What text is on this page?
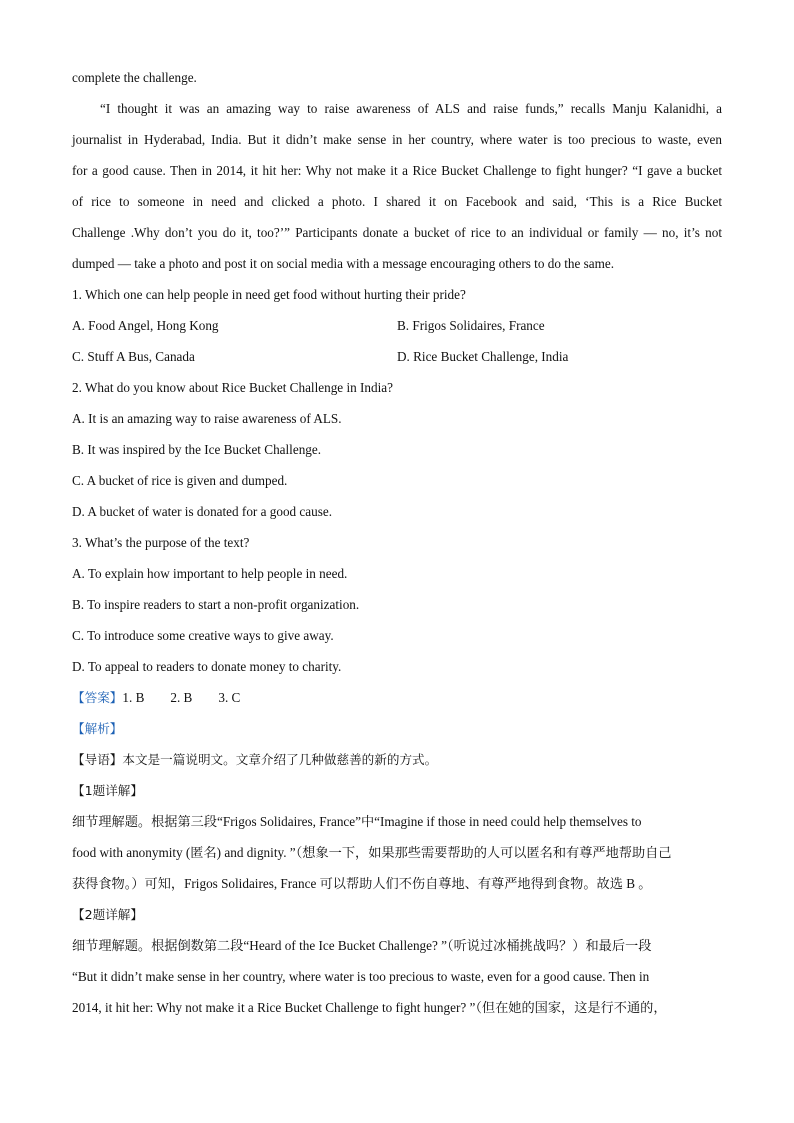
complete the challenge.
“I thought it was an amazing way to raise awareness of ALS and raise funds,” recalls Manju Kalanidhi, a
journalist in Hyderabad, India. But it didn’t make sense in her country, where water is too precious to waste, even
for a good cause. Then in 2014, it hit her: Why not make it a Rice Bucket Challenge to fight hunger? “I gave a bucket
of rice to someone in need and clicked a photo. I shared it on Facebook and said, ‘This is a Rice Bucket
Challenge .Why don’t you do it, too?’” Participants donate a bucket of rice to an individual or family — no, it’s not
dumped — take a photo and post it on social media with a message encouraging others to do the same.
1. Which one can help people in need get food without hurting their pride?
A. Food Angel, Hong Kong	B. Frigos Solidaires, France
C. Stuff A Bus, Canada	D. Rice Bucket Challenge, India
2. What do you know about Rice Bucket Challenge in India?
A. It is an amazing way to raise awareness of ALS.
B. It was inspired by the Ice Bucket Challenge.
C. A bucket of rice is given and dumped.
D. A bucket of water is donated for a good cause.
3. What’s the purpose of the text?
A. To explain how important to help people in need.
B. To inspire readers to start a non-profit organization.
C. To introduce some creative ways to give away.
D. To appeal to readers to donate money to charity.
【答案】1. B 2. B 3. C
【解析】
【导语】本文是一篇说明文。文章介绍了几种做慈善的新的方式。
【1题详解】
细节理解题。根据第三段“Frigos Solidaires, France”中“Imagine if those in need could help themselves to
food with anonymity (匿名) and dignity. ”（想象一下，如果那些需要帮助的人可以匿名和有尊严地帮助自己
获得食物。）可知，Frigos Solidaires, France 可以帮助人们不伤自尊地、有尊严地得到食物。故选 B 。
【2题详解】
细节理解题。根据倒数第二段“Heard of the Ice Bucket Challenge? ”（听说过冰桶挑战吗？）和最后一段
“But it didn’t make sense in her country, where water is too precious to waste, even for a good cause. Then in
2014, it hit her: Why not make it a Rice Bucket Challenge to fight hunger? ”（但在她的国家，这是行不通的，
